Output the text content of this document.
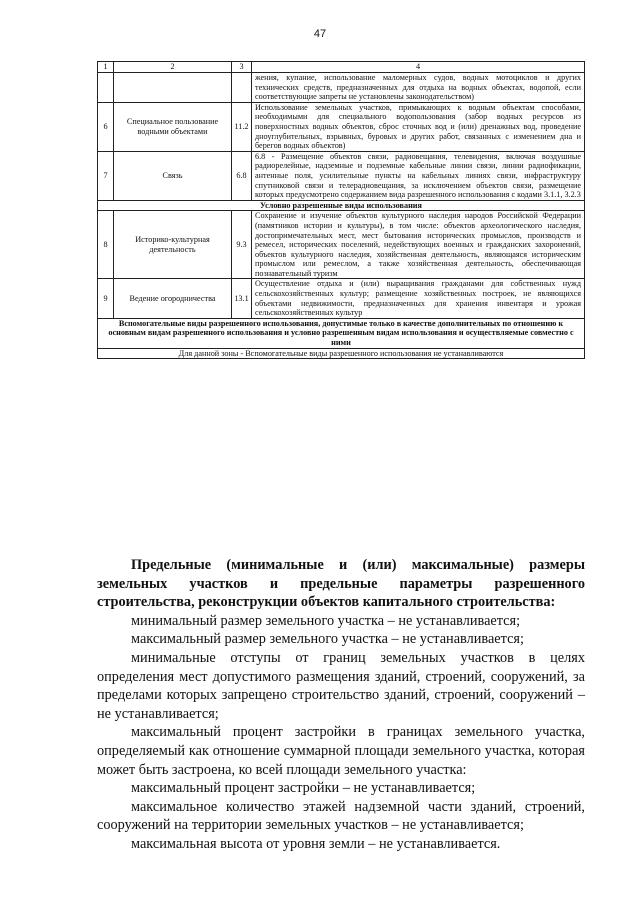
47
1	2	3	4
			жения, купание, использование маломерных судов, водных мотоциклов и других технических средств, предназначенных для отдыха на водных объектах, водопой, если соответствующие запреты не установлены законодательством)
6	Специальное пользование водными объектами	11.2	Использование земельных участков, примыкающих к водным объектам способами, необходимыми для специального водопользования (забор водных ресурсов из поверхностных водных объектов, сброс сточных вод и (или) дренажных вод, проведение дноуглубительных, взрывных, буровых и других работ, связанных с изменением дна и берегов водных объектов)
7	Связь	6.8	6.8 - Размещение объектов связи, радиовещания, телевидения, включая воздушные радиорелейные, надземные и подземные кабельные линии связи, линии радиофикации, антенные поля, усилительные пункты на кабельных линиях связи, инфраструктуру спутниковой связи и телерадиовещания, за исключением объектов связи, размещение которых предусмотрено содержанием вида разрешенного использования с кодами 3.1.1, 3.2.3
Условно разрешенные виды использования			
8	Историко-культурная деятельность	9.3	Сохранение и изучение объектов культурного наследия народов Российской Федерации (памятников истории и культуры), в том числе: объектов археологического наследия, достопримечательных мест, мест бытования исторических промыслов, производств и ремесел, исторических поселений, недействующих военных и гражданских захоронений, объектов культурного наследия, хозяйственная деятельность, являющаяся историческим промыслом или ремеслом, а также хозяйственная деятельность, обеспечивающая познавательный туризм
9	Ведение огородничества	13.1	Осуществление отдыха и (или) выращивания гражданами для собственных нужд сельскохозяйственных культур; размещение хозяйственных построек, не являющихся объектами недвижимости, предназначенных для хранения инвентаря и урожая сельскохозяйственных культур
Вспомогательные виды разрешенного использования, допустимые только в качестве дополнительных по отношению к основным видам разрешенного использования и условно разрешенным видам использования и осуществляемые совместно с ними			
Для данной зоны - Вспомогательные виды разрешенного использования не устанавливаются			

Предельные (минимальные и (или) максимальные) размеры земельных участков и предельные параметры разрешенного строительства, реконструкции объектов капитального строительства:

минимальный размер земельного участка – не устанавливается;

максимальный размер земельного участка – не устанавливается;

минимальные отступы от границ земельных участков в целях определения мест допустимого размещения зданий, строений, сооружений, за пределами которых запрещено строительство зданий, строений, сооружений – не устанавливается;

максимальный процент застройки в границах земельного участка, определяемый как отношение суммарной площади земельного участка, которая может быть застроена, ко всей площади земельного участка:

максимальный процент застройки – не устанавливается;

максимальное количество этажей надземной части зданий, строений, сооружений на территории земельных участков – не устанавливается;

максимальная высота от уровня земли – не устанавливается.
